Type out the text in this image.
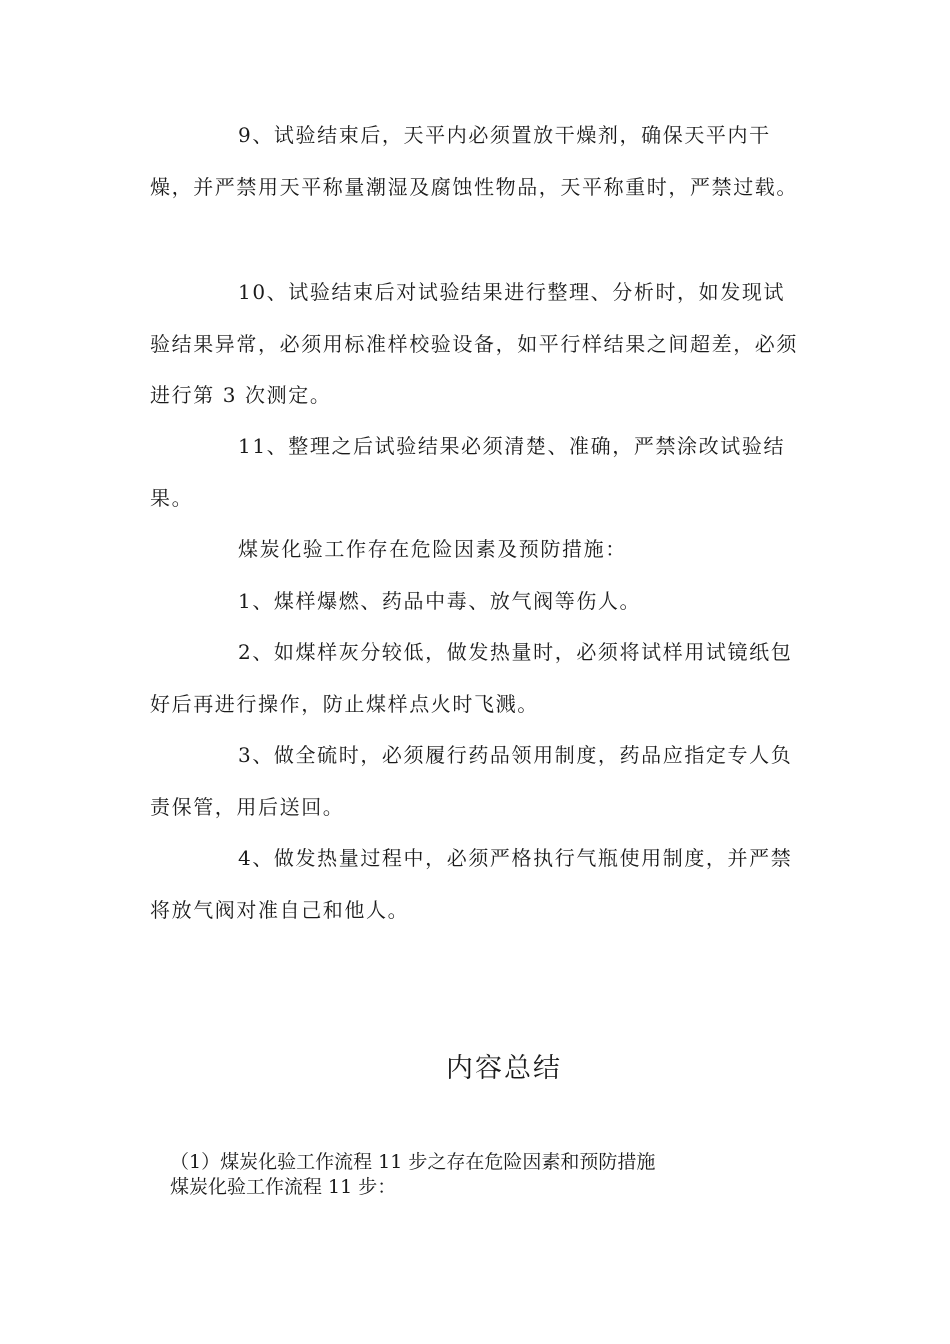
9、试验结束后，天平内必须置放干燥剂，确保天平内干燥，并严禁用天平称量潮湿及腐蚀性物品，天平称重时，严禁过载。

10、试验结束后对试验结果进行整理、分析时，如发现试验结果异常，必须用标准样校验设备，如平行样结果之间超差，必须进行第 3 次测定。

11、整理之后试验结果必须清楚、准确，严禁涂改试验结果。

煤炭化验工作存在危险因素及预防措施：

1、煤样爆燃、药品中毒、放气阀等伤人。

2、如煤样灰分较低，做发热量时，必须将试样用试镜纸包好后再进行操作，防止煤样点火时飞溅。

3、做全硫时，必须履行药品领用制度，药品应指定专人负责保管，用后送回。

4、做发热量过程中，必须严格执行气瓶使用制度，并严禁将放气阀对准自己和他人。

内容总结

（1）煤炭化验工作流程 11 步之存在危险因素和预防措施

煤炭化验工作流程 11 步：
